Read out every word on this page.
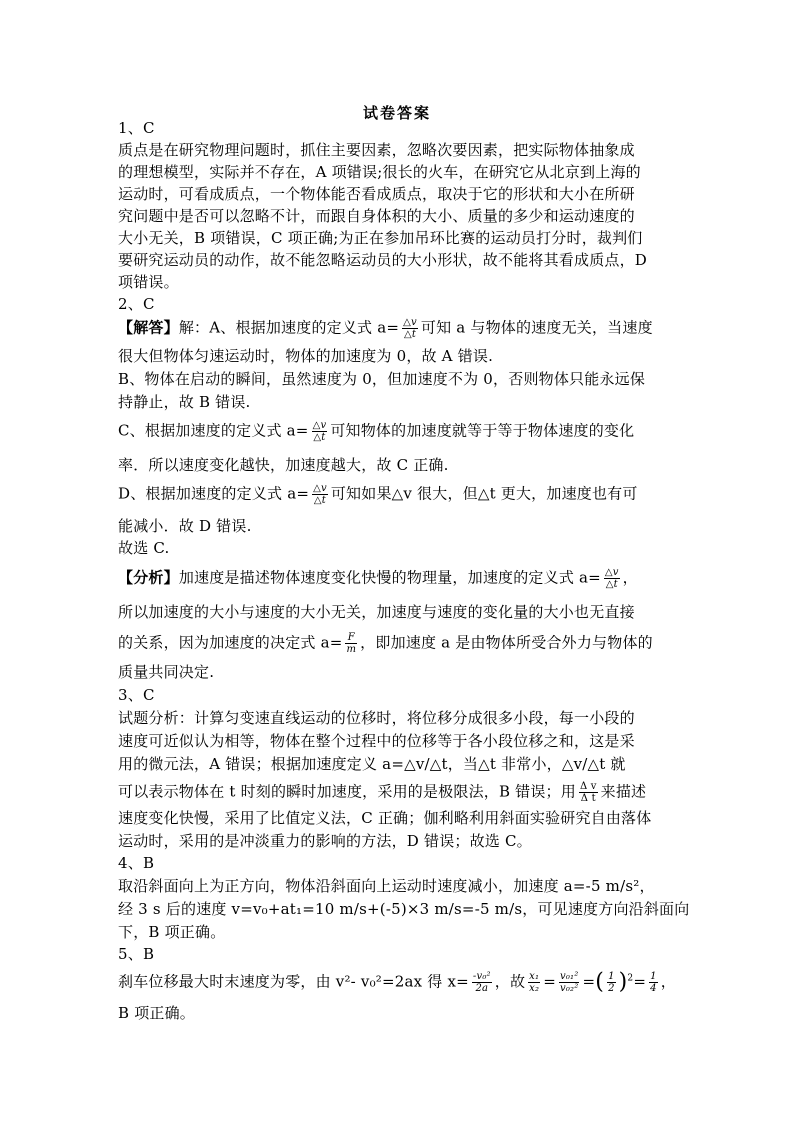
试卷答案
1、C
质点是在研究物理问题时，抓住主要因素，忽略次要因素，把实际物体抽象成
的理想模型，实际并不存在，A 项错误;很长的火车，在研究它从北京到上海的
运动时，可看成质点，一个物体能否看成质点，取决于它的形状和大小在所研
究问题中是否可以忽略不计，而跟自身体积的大小、质量的多少和运动速度的
大小无关，B 项错误，C 项正确;为正在参加吊环比赛的运动员打分时，裁判们
要研究运动员的动作，故不能忽略运动员的大小形状，故不能将其看成质点，D
项错误。
2、C
【解答】解：A、根据加速度的定义式 $a= \frac{\triangle v}{\triangle t}$ 可知 a 与物体的速度无关，当速度
很大但物体匀速运动时，物体的加速度为 0，故 A 错误.
B、物体在启动的瞬间，虽然速度为 0，但加速度不为 0，否则物体只能永远保
持静止，故 B 错误.
C、根据加速度的定义式 $a= \frac{\triangle v}{\triangle t}$ 可知物体的加速度就等于等于物体速度的变化
率．所以速度变化越快，加速度越大，故 C 正确.
D、根据加速度的定义式 $a= \frac{\triangle v}{\triangle t}$ 可知如果△v 很大，但△t 更大，加速度也有可
能减小．故 D 错误.
故选 C.
【分析】加速度是描述物体速度变化快慢的物理量，加速度的定义式 $a= \frac{\triangle v}{\triangle t}$ ，
所以加速度的大小与速度的大小无关，加速度与速度的变化量的大小也无直接
的关系，因为加速度的决定式 $a= \frac{F}{m}$ ，即加速度 a 是由物体所受合外力与物体的
质量共同决定.
3、C
试题分析：计算匀变速直线运动的位移时，将位移分成很多小段，每一小段的
速度可近似认为相等，物体在整个过程中的位移等于各小段位移之和，这是采
用的微元法，A 错误；根据加速度定义 a=△v/△t，当△t 非常小，△v/△t 就
可以表示物体在 t 时刻的瞬时加速度，采用的是极限法，B 错误；用 $\frac{\text{Δ v}}{\text{Δ t}}$ 来描述
速度变化快慢，采用了比值定义法，C 正确；伽利略利用斜面实验研究自由落体
运动时，采用的是冲淡重力的影响的方法，D 错误；故选 C。
4、B
取沿斜面向上为正方向，物体沿斜面向上运动时速度减小，加速度 a=-5 m/s²，
经 3 s 后的速度 v=v₀+at₁=10 m/s+(-5)×3 m/s=-5 m/s，可见速度方向沿斜面向
下，B 项正确。
5、B
刹车位移最大时末速度为零，由 v²- v₀²=2ax 得 $x= \frac{\text{-v₀²}}{2a}$ ，故 $\frac{\text{x₁}}{\text{x₂}} = \frac{\text{v₀₁²}}{\text{v₀₂²}}$ =( $\frac{1}{2} )^2= \frac{1}{4}$ ，
B 项正确。
